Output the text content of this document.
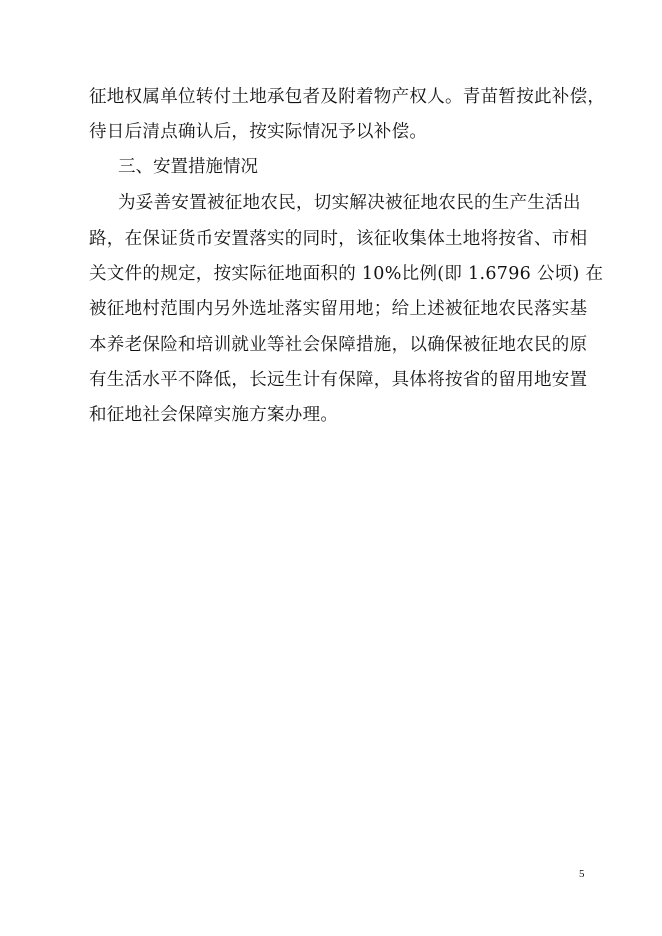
征地权属单位转付土地承包者及附着物产权人。青苗暂按此补偿，
待日后清点确认后，按实际情况予以补偿。
三、安置措施情况
为妥善安置被征地农民，切实解决被征地农民的生产生活出
路，在保证货币安置落实的同时，该征收集体土地将按省、市相
关文件的规定，按实际征地面积的 10%比例(即 1.6796 公顷) 在
被征地村范围内另外选址落实留用地；给上述被征地农民落实基
本养老保险和培训就业等社会保障措施，以确保被征地农民的原
有生活水平不降低，长远生计有保障，具体将按省的留用地安置
和征地社会保障实施方案办理。
5
